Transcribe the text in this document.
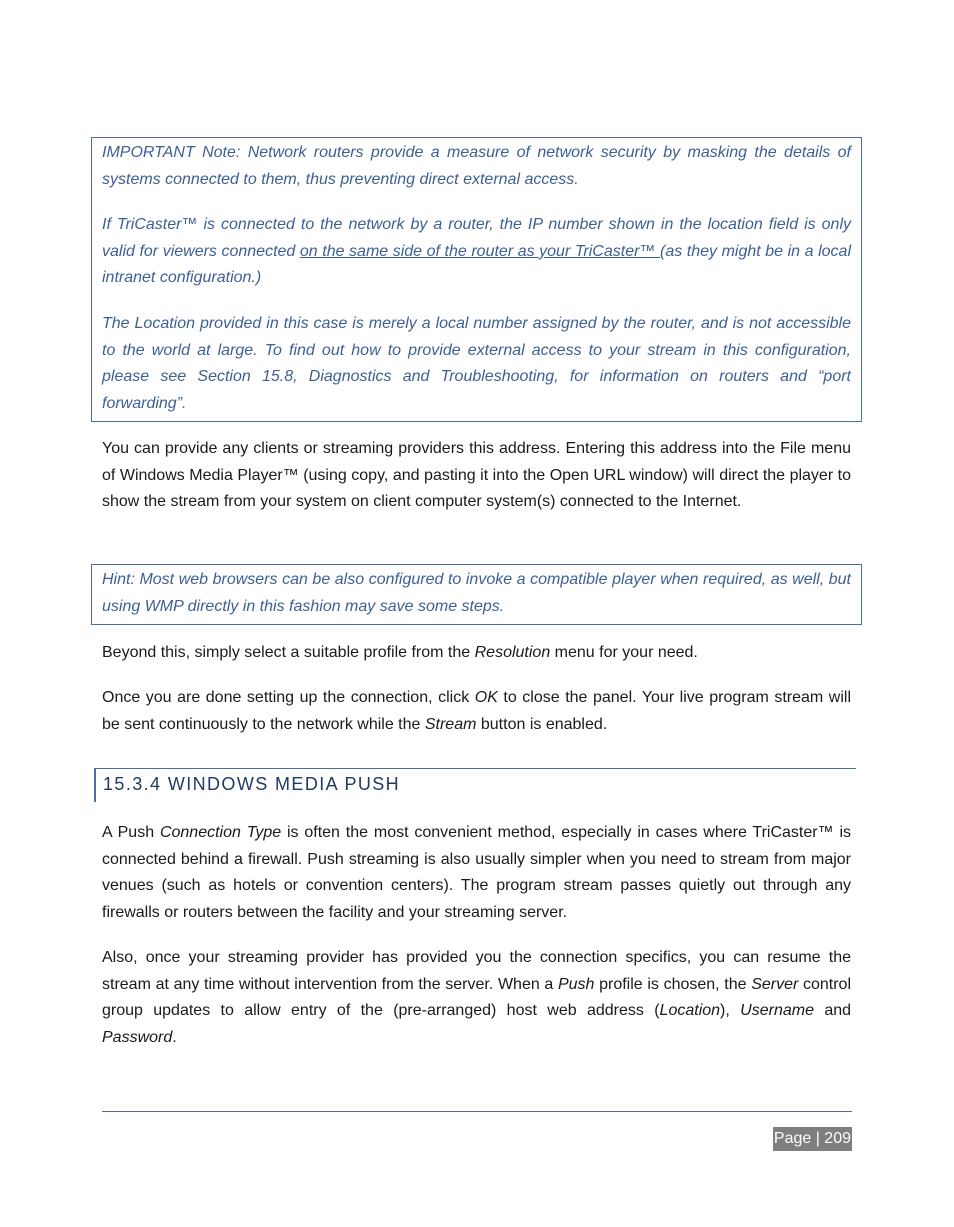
IMPORTANT Note: Network routers provide a measure of network security by masking the details of systems connected to them, thus preventing direct external access.

If TriCaster™ is connected to the network by a router, the IP number shown in the location field is only valid for viewers connected on the same side of the router as your TriCaster™ (as they might be in a local intranet configuration.)

The Location provided in this case is merely a local number assigned by the router, and is not accessible to the world at large. To find out how to provide external access to your stream in this configuration, please see Section 15.8, Diagnostics and Troubleshooting, for information on routers and “port forwarding”.

You can provide any clients or streaming providers this address. Entering this address into the File menu of Windows Media Player™ (using copy, and pasting it into the Open URL window) will direct the player to show the stream from your system on client computer system(s) connected to the Internet.

Hint: Most web browsers can be also configured to invoke a compatible player when required, as well, but using WMP directly in this fashion may save some steps.

Beyond this, simply select a suitable profile from the Resolution menu for your need.

Once you are done setting up the connection, click OK to close the panel. Your live program stream will be sent continuously to the network while the Stream button is enabled.

15.3.4 WINDOWS MEDIA PUSH

A Push Connection Type is often the most convenient method, especially in cases where TriCaster™ is connected behind a firewall. Push streaming is also usually simpler when you need to stream from major venues (such as hotels or convention centers). The program stream passes quietly out through any firewalls or routers between the facility and your streaming server.

Also, once your streaming provider has provided you the connection specifics, you can resume the stream at any time without intervention from the server. When a Push profile is chosen, the Server control group updates to allow entry of the (pre-arranged) host web address (Location), Username and Password.

Page | 209
